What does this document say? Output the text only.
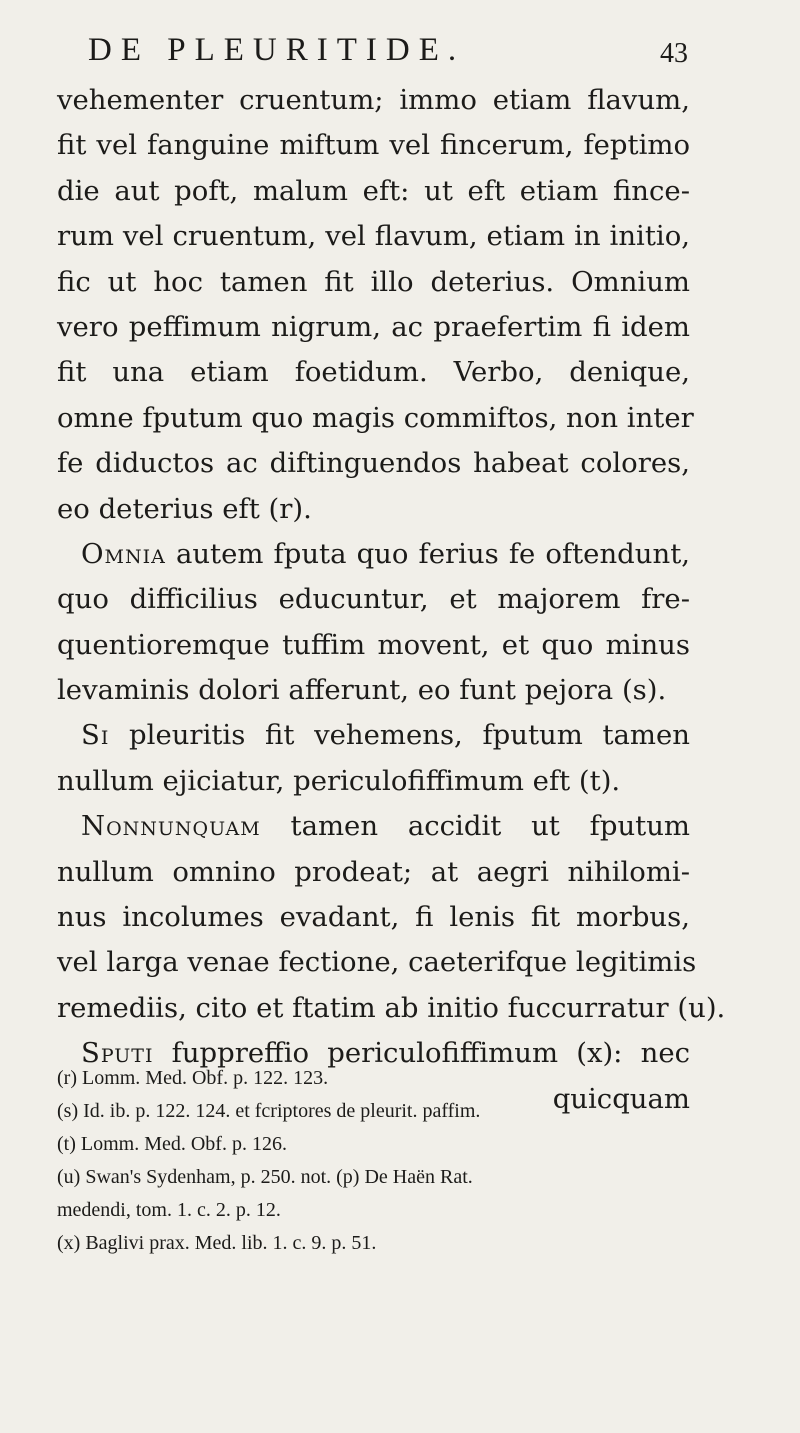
DE PLEURITIDE.	43
vehementer cruentum; immo etiam flavum,
fit vel fanguine miftum vel fincerum, feptimo
die aut poft, malum eft: ut eft etiam fince-
rum vel cruentum, vel flavum, etiam in initio,
fic ut hoc tamen fit illo deterius. Omnium
vero peffimum nigrum, ac praefertim fi idem
fit una etiam foetidum. Verbo, denique,
omne fputum quo magis commiftos, non inter
fe diductos ac diftinguendos habeat colores,
eo deterius eft (r).
Omnia autem fputa quo ferius fe oftendunt,
quo difficilius educuntur, et majorem fre-
quentioremque tuffim movent, et quo minus
levaminis dolori afferunt, eo funt pejora (s).
Si pleuritis fit vehemens, fputum tamen
nullum ejiciatur, periculofiffimum eft (t).
Nonnunquam tamen accidit ut fputum
nullum omnino prodeat; at aegri nihilomi-
nus incolumes evadant, fi lenis fit morbus,
vel larga venae fectione, caeterifque legitimis
remediis, cito et ftatim ab initio fuccurratur (u).
Sputi fuppreffio periculofiffimum (x): nec
quicquam
(r) Lomm. Med. Obf. p. 122. 123.
(s) Id. ib. p. 122. 124. et fcriptores de pleurit. paffim.
(t) Lomm. Med. Obf. p. 126.
(u) Swan's Sydenham, p. 250. not. (p) De Haën Rat.
medendi, tom. 1. c. 2. p. 12.
(x) Baglivi prax. Med. lib. 1. c. 9. p. 51.
